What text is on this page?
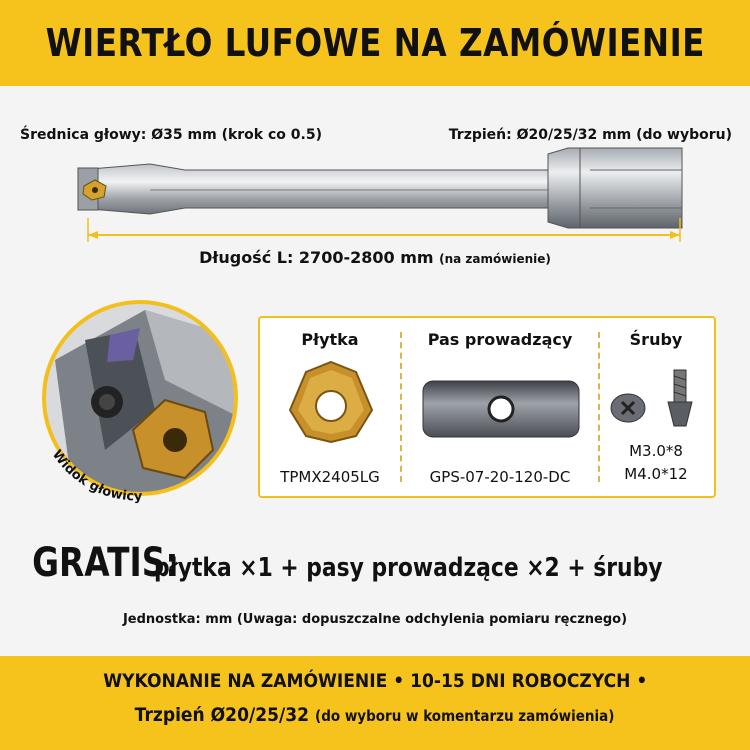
WIERTŁO LUFOWE NA ZAMÓWIENIE
Średnica głowy: Ø35 mm (krok co 0.5)	Trzpień: Ø20/25/32 mm (do wyboru)
Długość L: 2700-2800 mm (na zamówienie)
Widok głowicy
Płytka
TPMX2405LG
Pas prowadzący
GPS-07-20-120-DC
Śruby
M3.0*8
M4.0*12
GRATIS: płytka ×1 + pasy prowadzące ×2 + śruby
Jednostka: mm (Uwaga: dopuszczalne odchylenia pomiaru ręcznego)
WYKONANIE NA ZAMÓWIENIE • 10-15 DNI ROBOCZYCH •
Trzpień Ø20/25/32 (do wyboru w komentarzu zamówienia)
